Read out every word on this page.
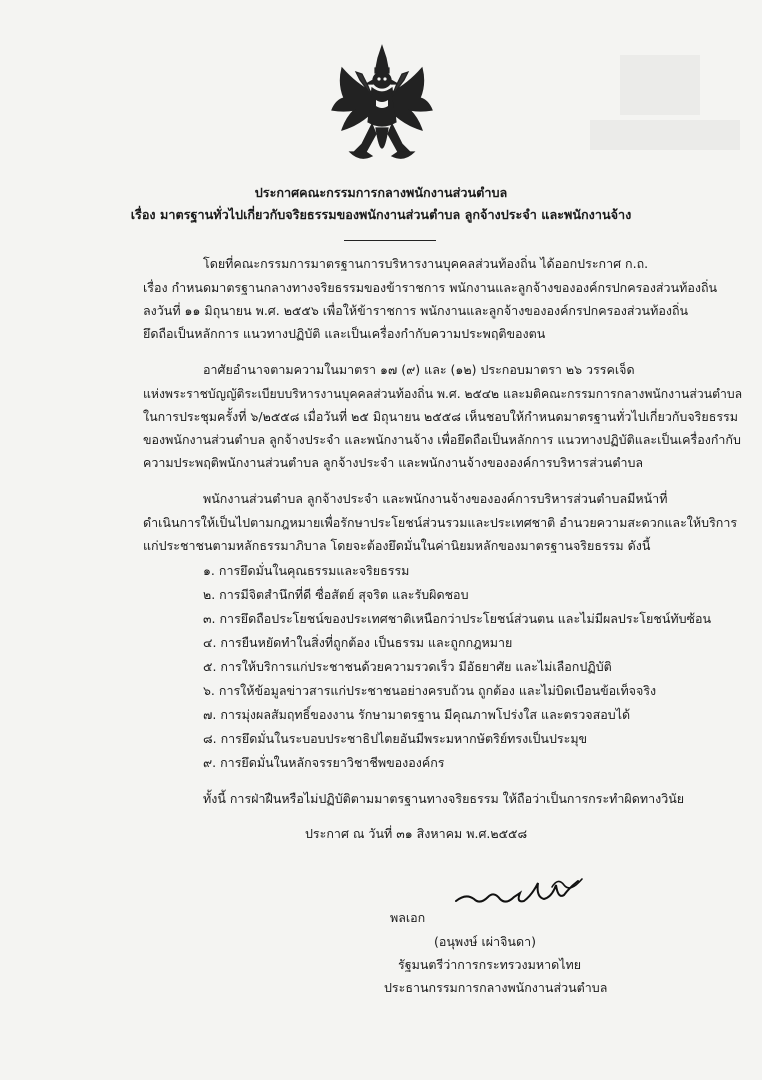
ประกาศคณะกรรมการกลางพนักงานส่วนตำบล
เรื่อง มาตรฐานทั่วไปเกี่ยวกับจริยธรรมของพนักงานส่วนตำบล ลูกจ้างประจำ และพนักงานจ้าง
โดยที่คณะกรรมการมาตรฐานการบริหารงานบุคคลส่วนท้องถิ่น ได้ออกประกาศ ก.ถ.
เรื่อง กำหนดมาตรฐานกลางทางจริยธรรมของข้าราชการ พนักงานและลูกจ้างขององค์กรปกครองส่วนท้องถิ่น
ลงวันที่ ๑๑ มิถุนายน พ.ศ. ๒๕๕๖ เพื่อให้ข้าราชการ พนักงานและลูกจ้างขององค์กรปกครองส่วนท้องถิ่น
ยึดถือเป็นหลักการ แนวทางปฏิบัติ และเป็นเครื่องกำกับความประพฤติของตน
อาศัยอำนาจตามความในมาตรา ๑๗ (๙) และ (๑๒) ประกอบมาตรา ๒๖ วรรคเจ็ด
แห่งพระราชบัญญัติระเบียบบริหารงานบุคคลส่วนท้องถิ่น พ.ศ. ๒๕๔๒ และมติคณะกรรมการกลางพนักงานส่วนตำบล
ในการประชุมครั้งที่ ๖/๒๕๕๘ เมื่อวันที่ ๒๕ มิถุนายน ๒๕๕๘ เห็นชอบให้กำหนดมาตรฐานทั่วไปเกี่ยวกับจริยธรรม
ของพนักงานส่วนตำบล ลูกจ้างประจำ และพนักงานจ้าง เพื่อยึดถือเป็นหลักการ แนวทางปฏิบัติและเป็นเครื่องกำกับ
ความประพฤติพนักงานส่วนตำบล ลูกจ้างประจำ และพนักงานจ้างขององค์การบริหารส่วนตำบล
พนักงานส่วนตำบล ลูกจ้างประจำ และพนักงานจ้างขององค์การบริหารส่วนตำบลมีหน้าที่
ดำเนินการให้เป็นไปตามกฎหมายเพื่อรักษาประโยชน์ส่วนรวมและประเทศชาติ อำนวยความสะดวกและให้บริการ
แก่ประชาชนตามหลักธรรมาภิบาล โดยจะต้องยึดมั่นในค่านิยมหลักของมาตรฐานจริยธรรม ดังนี้
๑. การยึดมั่นในคุณธรรมและจริยธรรม
๒. การมีจิตสำนึกที่ดี ซื่อสัตย์ สุจริต และรับผิดชอบ
๓. การยึดถือประโยชน์ของประเทศชาติเหนือกว่าประโยชน์ส่วนตน และไม่มีผลประโยชน์ทับซ้อน
๔. การยืนหยัดทำในสิ่งที่ถูกต้อง เป็นธรรม และถูกกฎหมาย
๕. การให้บริการแก่ประชาชนด้วยความรวดเร็ว มีอัธยาศัย และไม่เลือกปฏิบัติ
๖. การให้ข้อมูลข่าวสารแก่ประชาชนอย่างครบถ้วน ถูกต้อง และไม่บิดเบือนข้อเท็จจริง
๗. การมุ่งผลสัมฤทธิ์ของงาน รักษามาตรฐาน มีคุณภาพโปร่งใส และตรวจสอบได้
๘. การยึดมั่นในระบอบประชาธิปไตยอันมีพระมหากษัตริย์ทรงเป็นประมุข
๙. การยึดมั่นในหลักจรรยาวิชาชีพขององค์กร
ทั้งนี้ การฝ่าฝืนหรือไม่ปฏิบัติตามมาตรฐานทางจริยธรรม ให้ถือว่าเป็นการกระทำผิดทางวินัย
ประกาศ ณ วันที่ ๓๑ สิงหาคม พ.ศ.๒๕๕๘
พลเอก
(อนุพงษ์ เผ่าจินดา)
รัฐมนตรีว่าการกระทรวงมหาดไทย
ประธานกรรมการกลางพนักงานส่วนตำบล
